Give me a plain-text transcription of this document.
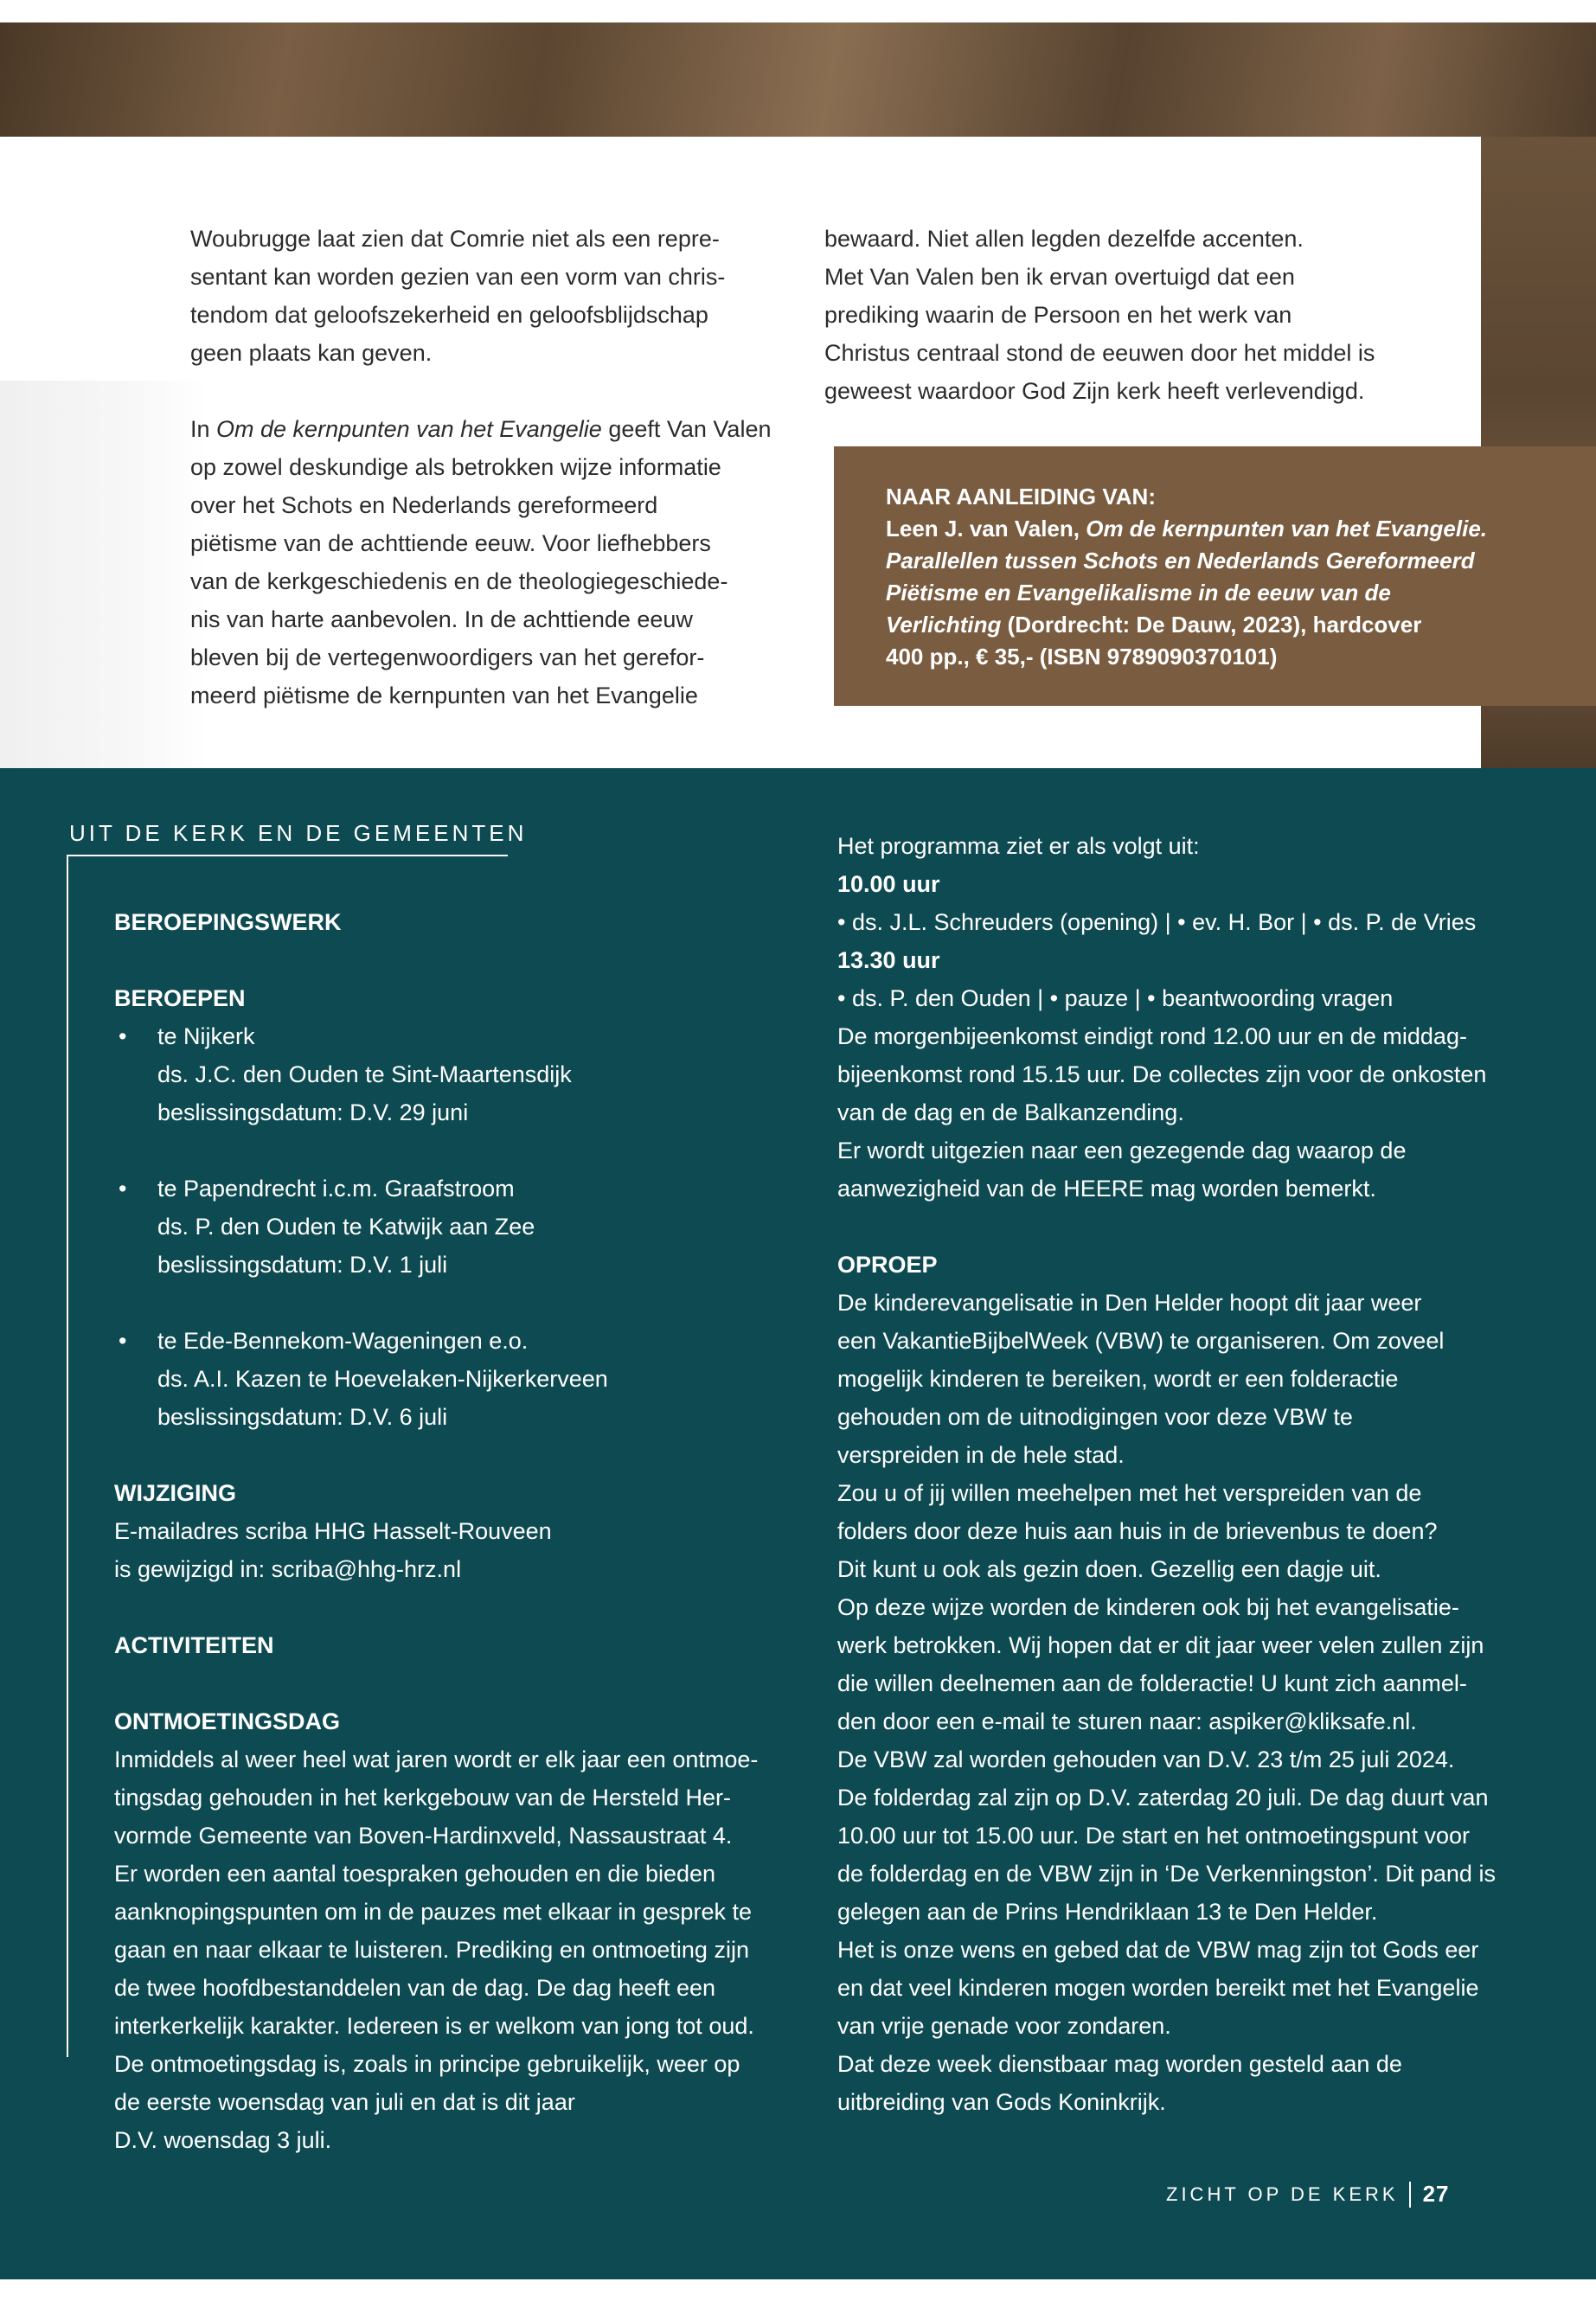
Woubrugge laat zien dat Comrie niet als een repre-

sentant kan worden gezien van een vorm van chris-

tendom dat geloofszekerheid en geloofsblijdschap

geen plaats kan geven.

In Om de kernpunten van het Evangelie geeft Van Valen

op zowel deskundige als betrokken wijze informatie

over het Schots en Nederlands gereformeerd

piëtisme van de achttiende eeuw. Voor liefhebbers

van de kerkgeschiedenis en de theologiegeschiede-

nis van harte aanbevolen. In de achttiende eeuw

bleven bij de vertegenwoordigers van het gerefor-

meerd piëtisme de kernpunten van het Evangelie

bewaard. Niet allen legden dezelfde accenten.

Met Van Valen ben ik ervan overtuigd dat een

prediking waarin de Persoon en het werk van

Christus centraal stond de eeuwen door het middel is

geweest waardoor God Zijn kerk heeft verlevendigd.

NAAR AANLEIDING VAN:
Leen J. van Valen, Om de kernpunten van het Evangelie.
Parallellen tussen Schots en Nederlands Gereformeerd
Piëtisme en Evangelikalisme in de eeuw van de
Verlichting (Dordrecht: De Dauw, 2023), hardcover
400 pp., € 35,- (ISBN 9789090370101)
UIT DE KERK EN DE GEMEENTEN

BEROEPINGSWERK

BEROEPEN

• te Nijkerk

ds. J.C. den Ouden te Sint-Maartensdijk

beslissingsdatum: D.V. 29 juni

• te Papendrecht i.c.m. Graafstroom

ds. P. den Ouden te Katwijk aan Zee

beslissingsdatum: D.V. 1 juli

• te Ede-Bennekom-Wageningen e.o.

ds. A.I. Kazen te Hoevelaken-Nijkerkerveen

beslissingsdatum: D.V. 6 juli

WIJZIGING

E-mailadres scriba HHG Hasselt-Rouveen

is gewijzigd in: scriba@hhg-hrz.nl

ACTIVITEITEN

ONTMOETINGSDAG

Inmiddels al weer heel wat jaren wordt er elk jaar een ontmoe-

tingsdag gehouden in het kerkgebouw van de Hersteld Her-

vormde Gemeente van Boven-Hardinxveld, Nassaustraat 4.

Er worden een aantal toespraken gehouden en die bieden

aanknopingspunten om in de pauzes met elkaar in gesprek te

gaan en naar elkaar te luisteren. Prediking en ontmoeting zijn

de twee hoofdbestanddelen van de dag. De dag heeft een

interkerkelijk karakter. Iedereen is er welkom van jong tot oud.

De ontmoetingsdag is, zoals in principe gebruikelijk, weer op

de eerste woensdag van juli en dat is dit jaar

D.V. woensdag 3 juli.

Het programma ziet er als volgt uit:

10.00 uur

• ds. J.L. Schreuders (opening) | • ev. H. Bor | • ds. P. de Vries

13.30 uur

• ds. P. den Ouden | • pauze | • beantwoording vragen

De morgenbijeenkomst eindigt rond 12.00 uur en de middag-

bijeenkomst rond 15.15 uur. De collectes zijn voor de onkosten

van de dag en de Balkanzending.

Er wordt uitgezien naar een gezegende dag waarop de

aanwezigheid van de HEERE mag worden bemerkt.

OPROEP

De kinderevangelisatie in Den Helder hoopt dit jaar weer

een VakantieBijbelWeek (VBW) te organiseren. Om zoveel

mogelijk kinderen te bereiken, wordt er een folderactie

gehouden om de uitnodigingen voor deze VBW te

verspreiden in de hele stad.

Zou u of jij willen meehelpen met het verspreiden van de

folders door deze huis aan huis in de brievenbus te doen?

Dit kunt u ook als gezin doen. Gezellig een dagje uit.

Op deze wijze worden de kinderen ook bij het evangelisatie-

werk betrokken. Wij hopen dat er dit jaar weer velen zullen zijn

die willen deelnemen aan de folderactie! U kunt zich aanmel-

den door een e-mail te sturen naar: aspiker@kliksafe.nl.

De VBW zal worden gehouden van D.V. 23 t/m 25 juli 2024.

De folderdag zal zijn op D.V. zaterdag 20 juli. De dag duurt van

10.00 uur tot 15.00 uur. De start en het ontmoetingspunt voor

de folderdag en de VBW zijn in ‘De Verkenningston’. Dit pand is

gelegen aan de Prins Hendriklaan 13 te Den Helder.

Het is onze wens en gebed dat de VBW mag zijn tot Gods eer

en dat veel kinderen mogen worden bereikt met het Evangelie

van vrije genade voor zondaren.

Dat deze week dienstbaar mag worden gesteld aan de

uitbreiding van Gods Koninkrijk.

ZICHT OP DE KERK 27
